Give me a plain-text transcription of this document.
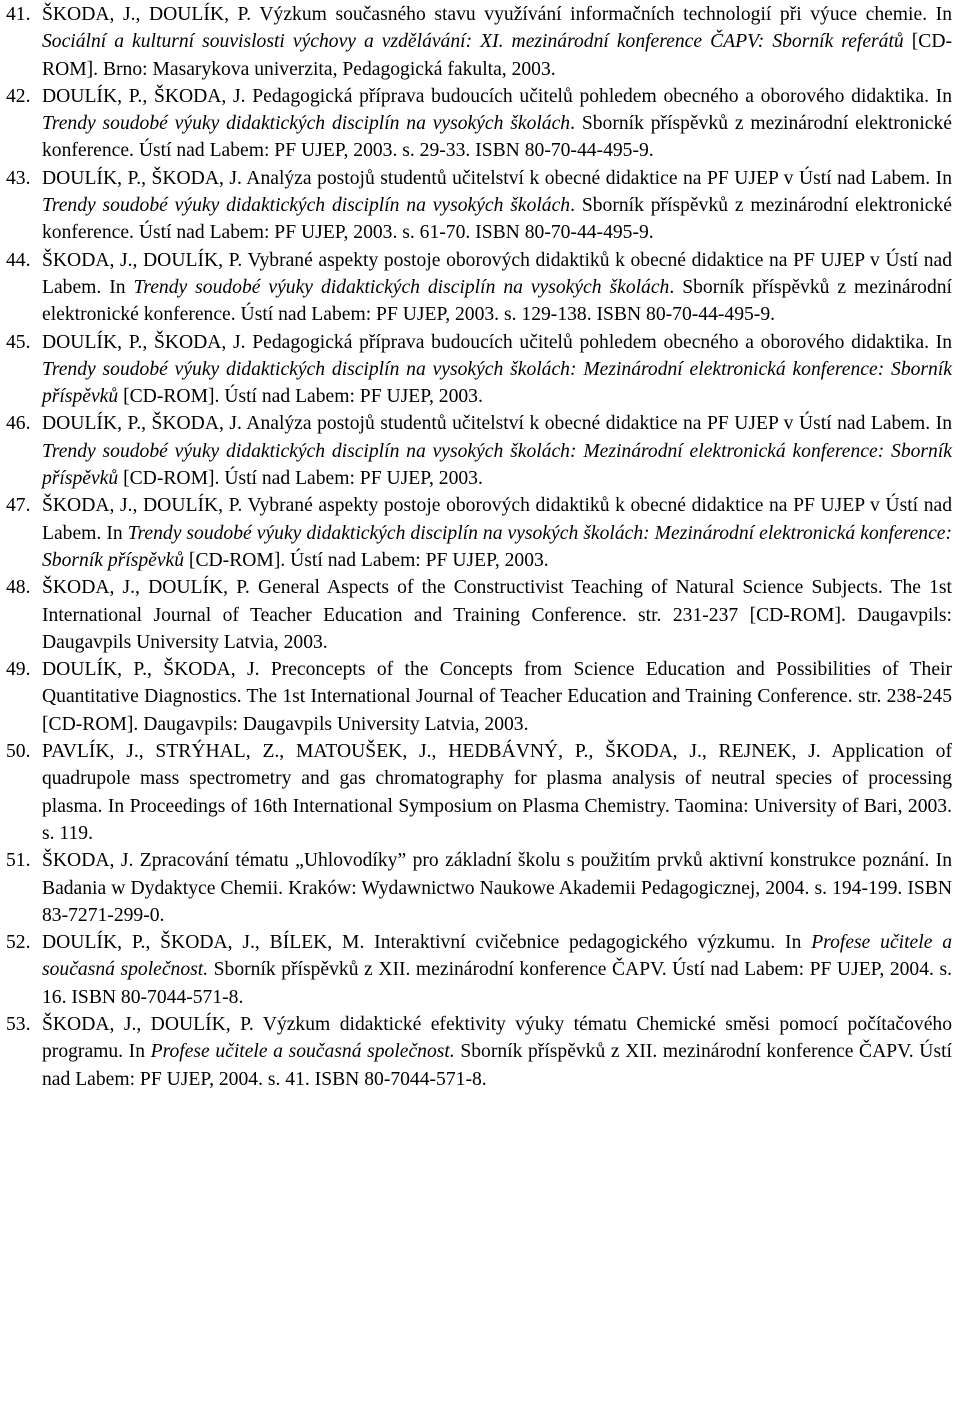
41. ŠKODA, J., DOULÍK, P. Výzkum současného stavu využívání informačních technologií při výuce chemie. In Sociální a kulturní souvislosti výchovy a vzdělávání: XI. mezinárodní konference ČAPV: Sborník referátů [CD-ROM]. Brno: Masarykova univerzita, Pedagogická fakulta, 2003.
42. DOULÍK, P., ŠKODA, J. Pedagogická příprava budoucích učitelů pohledem obecného a oborového didaktika. In Trendy soudobé výuky didaktických disciplín na vysokých školách. Sborník příspěvků z mezinárodní elektronické konference. Ústí nad Labem: PF UJEP, 2003. s. 29-33. ISBN 80-70-44-495-9.
43. DOULÍK, P., ŠKODA, J. Analýza postojů studentů učitelství k obecné didaktice na PF UJEP v Ústí nad Labem. In Trendy soudobé výuky didaktických disciplín na vysokých školách. Sborník příspěvků z mezinárodní elektronické konference. Ústí nad Labem: PF UJEP, 2003. s. 61-70. ISBN 80-70-44-495-9.
44. ŠKODA, J., DOULÍK, P. Vybrané aspekty postoje oborových didaktiků k obecné didaktice na PF UJEP v Ústí nad Labem. In Trendy soudobé výuky didaktických disciplín na vysokých školách. Sborník příspěvků z mezinárodní elektronické konference. Ústí nad Labem: PF UJEP, 2003. s. 129-138. ISBN 80-70-44-495-9.
45. DOULÍK, P., ŠKODA, J. Pedagogická příprava budoucích učitelů pohledem obecného a oborového didaktika. In Trendy soudobé výuky didaktických disciplín na vysokých školách: Mezinárodní elektronická konference: Sborník příspěvků [CD-ROM]. Ústí nad Labem: PF UJEP, 2003.
46. DOULÍK, P., ŠKODA, J. Analýza postojů studentů učitelství k obecné didaktice na PF UJEP v Ústí nad Labem. In Trendy soudobé výuky didaktických disciplín na vysokých školách: Mezinárodní elektronická konference: Sborník příspěvků [CD-ROM]. Ústí nad Labem: PF UJEP, 2003.
47. ŠKODA, J., DOULÍK, P. Vybrané aspekty postoje oborových didaktiků k obecné didaktice na PF UJEP v Ústí nad Labem. In Trendy soudobé výuky didaktických disciplín na vysokých školách: Mezinárodní elektronická konference: Sborník příspěvků [CD-ROM]. Ústí nad Labem: PF UJEP, 2003.
48. ŠKODA, J., DOULÍK, P. General Aspects of the Constructivist Teaching of Natural Science Subjects. The 1st International Journal of Teacher Education and Training Conference. str. 231-237 [CD-ROM]. Daugavpils: Daugavpils University Latvia, 2003.
49. DOULÍK, P., ŠKODA, J. Preconcepts of the Concepts from Science Education and Possibilities of Their Quantitative Diagnostics. The 1st International Journal of Teacher Education and Training Conference. str. 238-245 [CD-ROM]. Daugavpils: Daugavpils University Latvia, 2003.
50. PAVLÍK, J., STRÝHAL, Z., MATOUŠEK, J., HEDBÁVNÝ, P., ŠKODA, J., REJNEK, J. Application of quadrupole mass spectrometry and gas chromatography for plasma analysis of neutral species of processing plasma. In Proceedings of 16th International Symposium on Plasma Chemistry. Taomina: University of Bari, 2003. s. 119.
51. ŠKODA, J. Zpracování tématu „Uhlovodíky” pro základní školu s použitím prvků aktivní konstrukce poznání. In Badania w Dydaktyce Chemii. Kraków: Wydawnictwo Naukowe Akademii Pedagogicznej, 2004. s. 194-199. ISBN 83-7271-299-0.
52. DOULÍK, P., ŠKODA, J., BÍLEK, M. Interaktivní cvičebnice pedagogického výzkumu. In Profese učitele a současná společnost. Sborník příspěvků z XII. mezinárodní konference ČAPV. Ústí nad Labem: PF UJEP, 2004. s. 16. ISBN 80-7044-571-8.
53. ŠKODA, J., DOULÍK, P. Výzkum didaktické efektivity výuky tématu Chemické směsi pomocí počítačového programu. In Profese učitele a současná společnost. Sborník příspěvků z XII. mezinárodní konference ČAPV. Ústí nad Labem: PF UJEP, 2004. s. 41. ISBN 80-7044-571-8.
